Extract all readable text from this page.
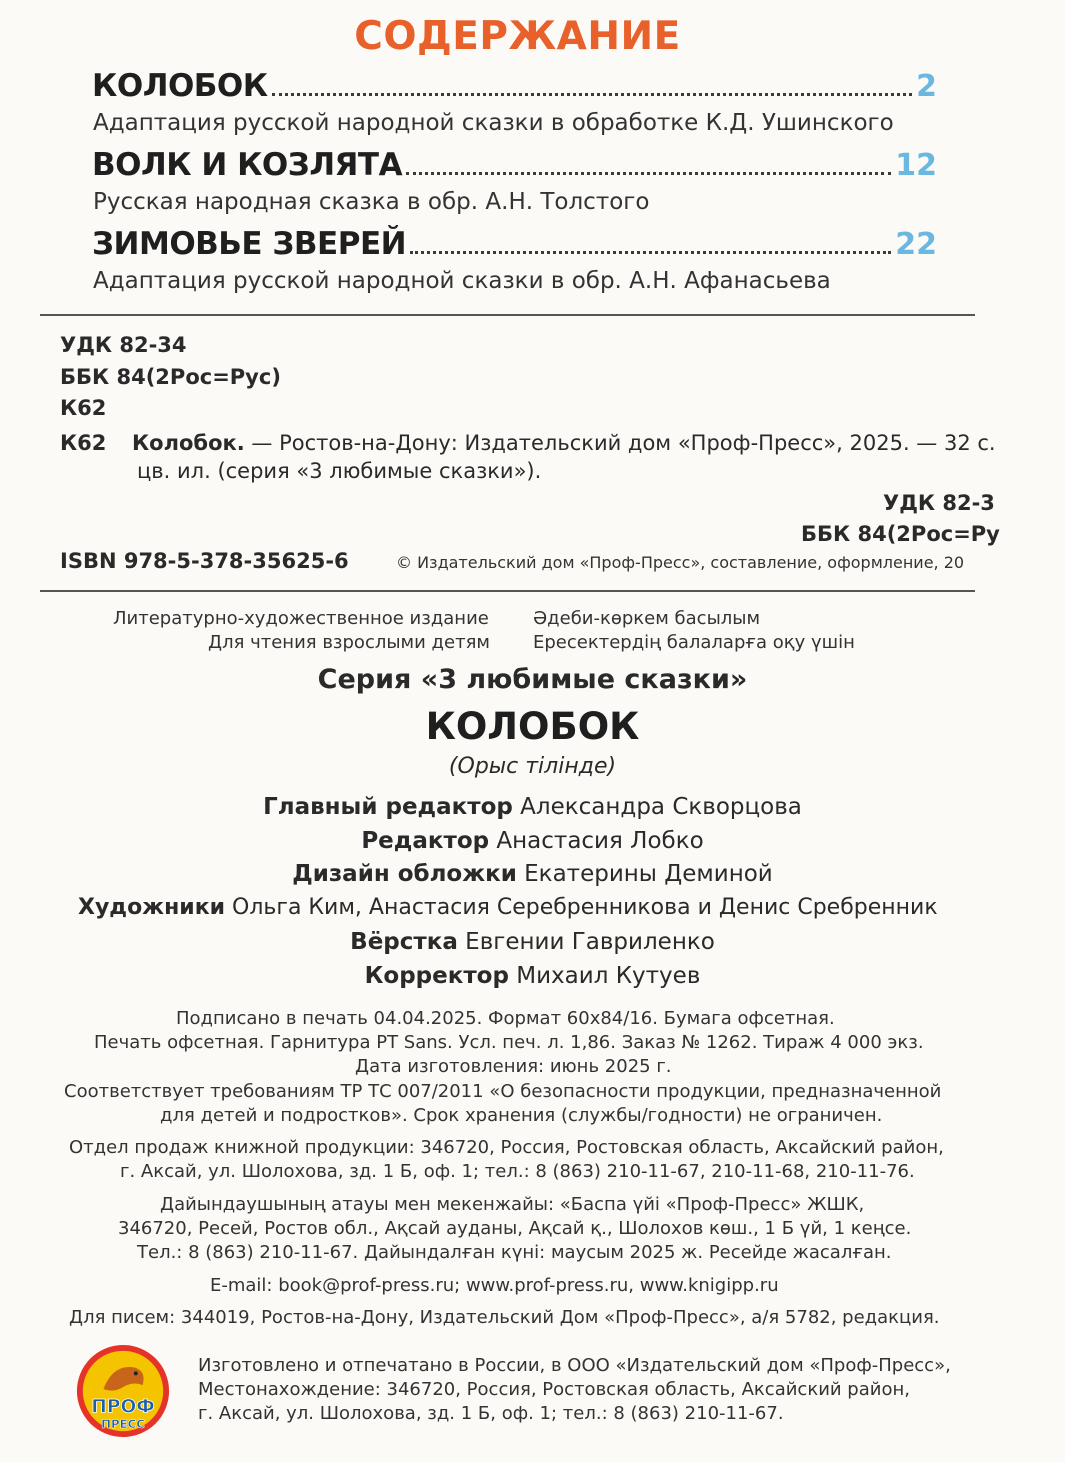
СОДЕРЖАНИЕ
КОЛОБОК	2
Адаптация русской народной сказки в обработке К.Д. Ушинского
ВОЛК И КОЗЛЯТА	12
Русская народная сказка в обр. А.Н. Толстого
ЗИМОВЬЕ ЗВЕРЕЙ	22
Адаптация русской народной сказки в обр. А.Н. Афанасьева
УДК 82-34
ББК 84(2Рос=Рус)
К62
К62 Колобок. — Ростов-на-Дону: Издательский дом «Проф-Пресс», 2025. — 32 с.
цв. ил. (серия «3 любимые сказки»).
УДК 82-3
ББК 84(2Рос=Ру
ISBN 978-5-378-35625-6	© Издательский дом «Проф-Пресс», составление, оформление, 20
Литературно-художественное издание Әдеби-көркем басылым
Для чтения взрослыми детям Ересектердің балаларға оқу үшін
Серия «3 любимые сказки»
КОЛОБОК
(Орыс тілінде)
Главный редактор Александра Скворцова
Редактор Анастасия Лобко
Дизайн обложки Екатерины Деминой
Художники Ольга Ким, Анастасия Серебренникова и Денис Сребренник
Вёрстка Евгении Гавриленко
Корректор Михаил Кутуев
Подписано в печать 04.04.2025. Формат 60x84/16. Бумага офсетная.
Печать офсетная. Гарнитура PT Sans. Усл. печ. л. 1,86. Заказ № 1262. Тираж 4 000 экз.
Дата изготовления: июнь 2025 г.
Соответствует требованиям ТР ТС 007/2011 «О безопасности продукции, предназначенной
для детей и подростков». Срок хранения (службы/годности) не ограничен.
Отдел продаж книжной продукции: 346720, Россия, Ростовская область, Аксайский район,
г. Аксай, ул. Шолохова, зд. 1 Б, оф. 1; тел.: 8 (863) 210-11-67, 210-11-68, 210-11-76.
Дайындаушының атауы мен мекенжайы: «Баспа үйі «Проф-Пресс» ЖШК,
346720, Ресей, Ростов обл., Ақсай ауданы, Ақсай қ., Шолохов көш., 1 Б үй, 1 кеңсе.
Тел.: 8 (863) 210-11-67. Дайындалған күні: маусым 2025 ж. Ресейде жасалған.
E-mail: book@prof-press.ru; www.prof-press.ru, www.knigipp.ru
Для писем: 344019, Ростов-на-Дону, Издательский Дом «Проф-Пресс», а/я 5782, редакция.
Изготовлено и отпечатано в России, в ООО «Издательский дом «Проф-Пресс»,
Местонахождение: 346720, Россия, Ростовская область, Аксайский район,
г. Аксай, ул. Шолохова, зд. 1 Б, оф. 1; тел.: 8 (863) 210-11-67.
ПРОФ
ПРЕСС
